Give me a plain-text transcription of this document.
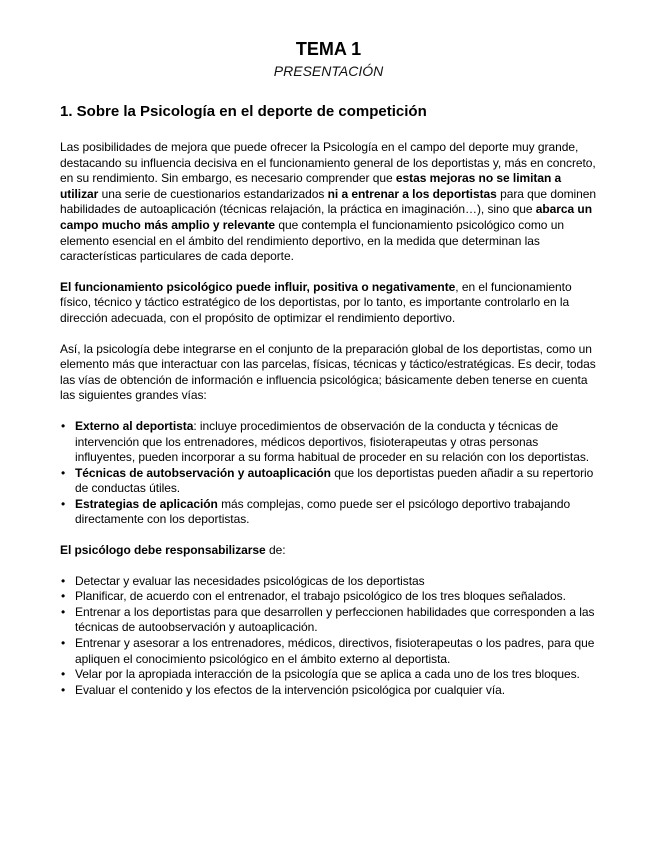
TEMA 1
PRESENTACIÓN
1. Sobre la Psicología en el deporte de competición

Las posibilidades de mejora que puede ofrecer la Psicología en el campo del deporte muy grande, destacando su influencia decisiva en el funcionamiento general de los deportistas y, más en concreto, en su rendimiento. Sin embargo, es necesario comprender que estas mejoras no se limitan a utilizar una serie de cuestionarios estandarizados ni a entrenar a los deportistas para que dominen habilidades de autoaplicación (técnicas relajación, la práctica en imaginación…), sino que abarca un campo mucho más amplio y relevante que contempla el funcionamiento psicológico como un elemento esencial en el ámbito del rendimiento deportivo, en la medida que determinan las características particulares de cada deporte.

El funcionamiento psicológico puede influir, positiva o negativamente, en el funcionamiento físico, técnico y táctico estratégico de los deportistas, por lo tanto, es importante controlarlo en la dirección adecuada, con el propósito de optimizar el rendimiento deportivo.

Así, la psicología debe integrarse en el conjunto de la preparación global de los deportistas, como un elemento más que interactuar con las parcelas, físicas, técnicas y táctico/estratégicas. Es decir, todas las vías de obtención de información e influencia psicológica; básicamente deben tenerse en cuenta las siguientes grandes vías:

• Externo al deportista: incluye procedimientos de observación de la conducta y técnicas de intervención que los entrenadores, médicos deportivos, fisioterapeutas y otras personas influyentes, pueden incorporar a su forma habitual de proceder en su relación con los deportistas.
• Técnicas de autobservación y autoaplicación que los deportistas pueden añadir a su repertorio de conductas útiles.
• Estrategias de aplicación más complejas, como puede ser el psicólogo deportivo trabajando directamente con los deportistas.

El psicólogo debe responsabilizarse de:

• Detectar y evaluar las necesidades psicológicas de los deportistas
• Planificar, de acuerdo con el entrenador, el trabajo psicológico de los tres bloques señalados.
• Entrenar a los deportistas para que desarrollen y perfeccionen habilidades que corresponden a las técnicas de autoobservación y autoaplicación.
• Entrenar y asesorar a los entrenadores, médicos, directivos, fisioterapeutas o los padres, para que apliquen el conocimiento psicológico en el ámbito externo al deportista.
• Velar por la apropiada interacción de la psicología que se aplica a cada uno de los tres bloques.
• Evaluar el contenido y los efectos de la intervención psicológica por cualquier vía.
